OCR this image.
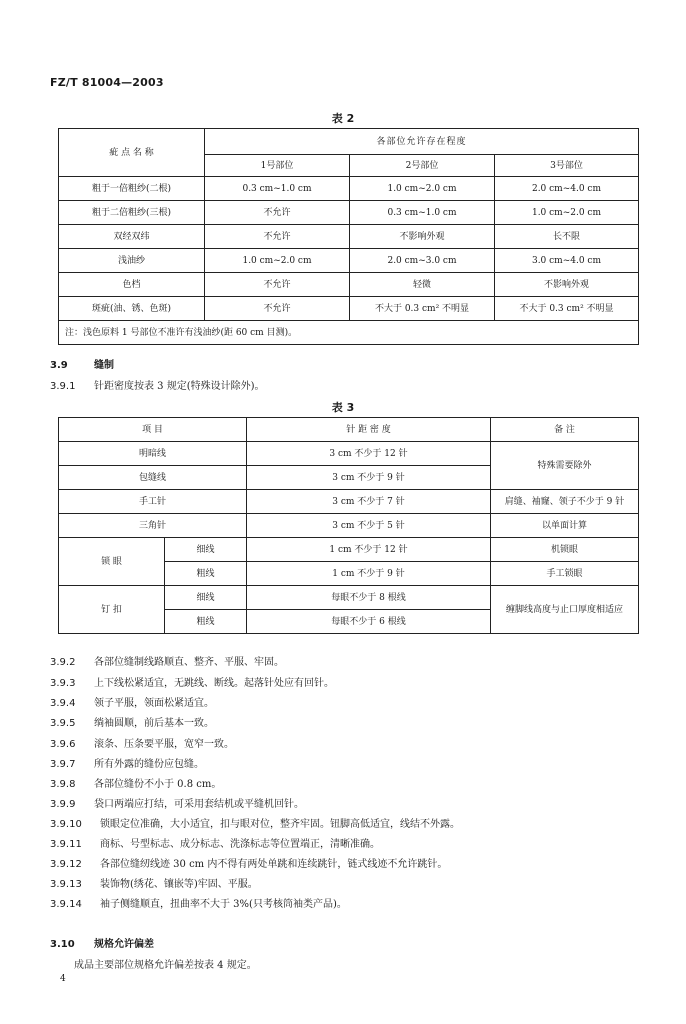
FZ/T 81004—2003
表 2
疵 点 名 称	各部位允许存在程度		
	1号部位	2号部位	3号部位
粗于一倍粗纱(二根)	0.3 cm~1.0 cm	1.0 cm~2.0 cm	2.0 cm~4.0 cm
粗于二倍粗纱(三根)	不允许	0.3 cm~1.0 cm	1.0 cm~2.0 cm
双经双纬	不允许	不影响外观	长不限
浅油纱	1.0 cm~2.0 cm	2.0 cm~3.0 cm	3.0 cm~4.0 cm
色档	不允许	轻微	不影响外观
斑疵(油、锈、色斑)	不允许	不大于 0.3 cm² 不明显	不大于 0.3 cm² 不明显
注：浅色原料 1 号部位不准许有浅油纱(距 60 cm 目测)。			
3.9	缝制
3.9.1 针距密度按表 3 规定(特殊设计除外)。
表 3
项 目		针 距 密 度	备 注
明暗线		3 cm 不少于 12 针	特殊需要除外
包缝线		3 cm 不少于 9 针	
手工针		3 cm 不少于 7 针	肩缝、袖窿、领子不少于 9 针
三角针		3 cm 不少于 5 针	以单面计算
锁 眼	细线	1 cm 不少于 12 针	机锁眼
	粗线	1 cm 不少于 9 针	手工锁眼
钉 扣	细线	每眼不少于 8 根线	缠脚线高度与止口厚度相适应
	粗线	每眼不少于 6 根线	
3.9.2 各部位缝制线路顺直、整齐、平服、牢固。
3.9.3 上下线松紧适宜，无跳线、断线。起落针处应有回针。
3.9.4 领子平服，领面松紧适宜。
3.9.5 绱袖圆顺，前后基本一致。
3.9.6 滚条、压条要平服，宽窄一致。
3.9.7 所有外露的缝份应包缝。
3.9.8 各部位缝份不小于 0.8 cm。
3.9.9 袋口两端应打结，可采用套结机或平缝机回针。
3.9.10 锁眼定位准确，大小适宜，扣与眼对位，整齐牢固。钮脚高低适宜，线结不外露。
3.9.11 商标、号型标志、成分标志、洗涤标志等位置端正，清晰准确。
3.9.12 各部位缝纫线迹 30 cm 内不得有两处单跳和连续跳针，链式线迹不允许跳针。
3.9.13 装饰物(绣花、镶嵌等)牢固、平服。
3.9.14 袖子侧缝顺直，扭曲率不大于 3%(只考核筒袖类产品)。
3.10 规格允许偏差
成品主要部位规格允许偏差按表 4 规定。
4
